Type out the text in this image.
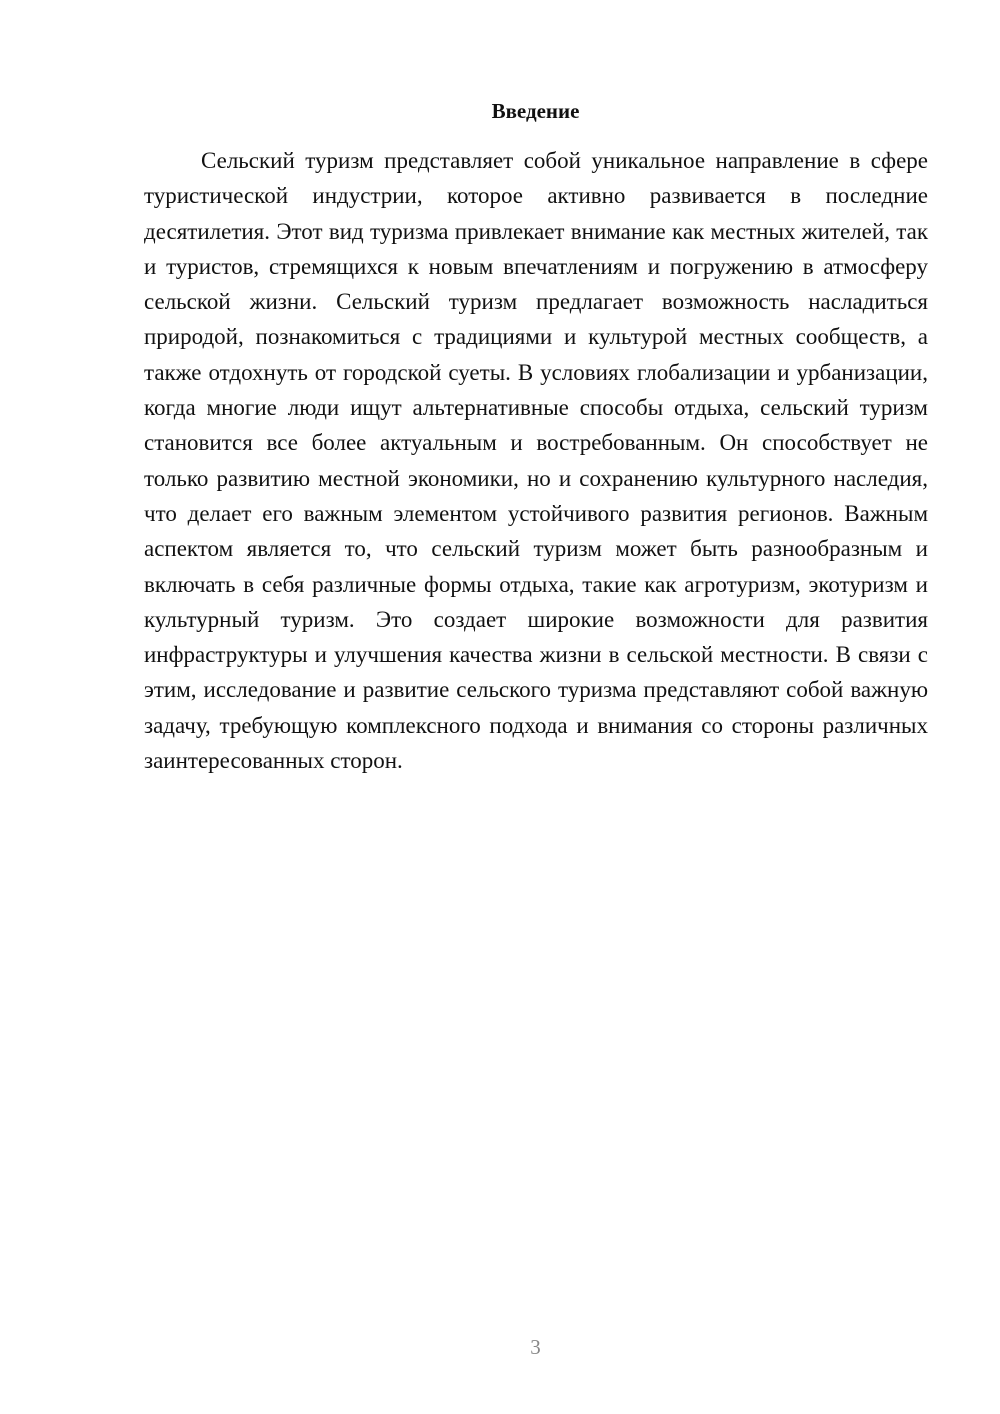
Введение

Сельский туризм представляет собой уникальное направление в сфере туристической индустрии, которое активно развивается в последние десятилетия. Этот вид туризма привлекает внимание как местных жителей, так и туристов, стремящихся к новым впечатлениям и погружению в атмосферу сельской жизни. Сельский туризм предлагает возможность насладиться природой, познакомиться с традициями и культурой местных сообществ, а также отдохнуть от городской суеты. В условиях глобализации и урбанизации, когда многие люди ищут альтернативные способы отдыха, сельский туризм становится все более актуальным и востребованным. Он способствует не только развитию местной экономики, но и сохранению культурного наследия, что делает его важным элементом устойчивого развития регионов. Важным аспектом является то, что сельский туризм может быть разнообразным и включать в себя различные формы отдыха, такие как агротуризм, экотуризм и культурный туризм. Это создает широкие возможности для развития инфраструктуры и улучшения качества жизни в сельской местности. В связи с этим, исследование и развитие сельского туризма представляют собой важную задачу, требующую комплексного подхода и внимания со стороны различных заинтересованных сторон.

3
